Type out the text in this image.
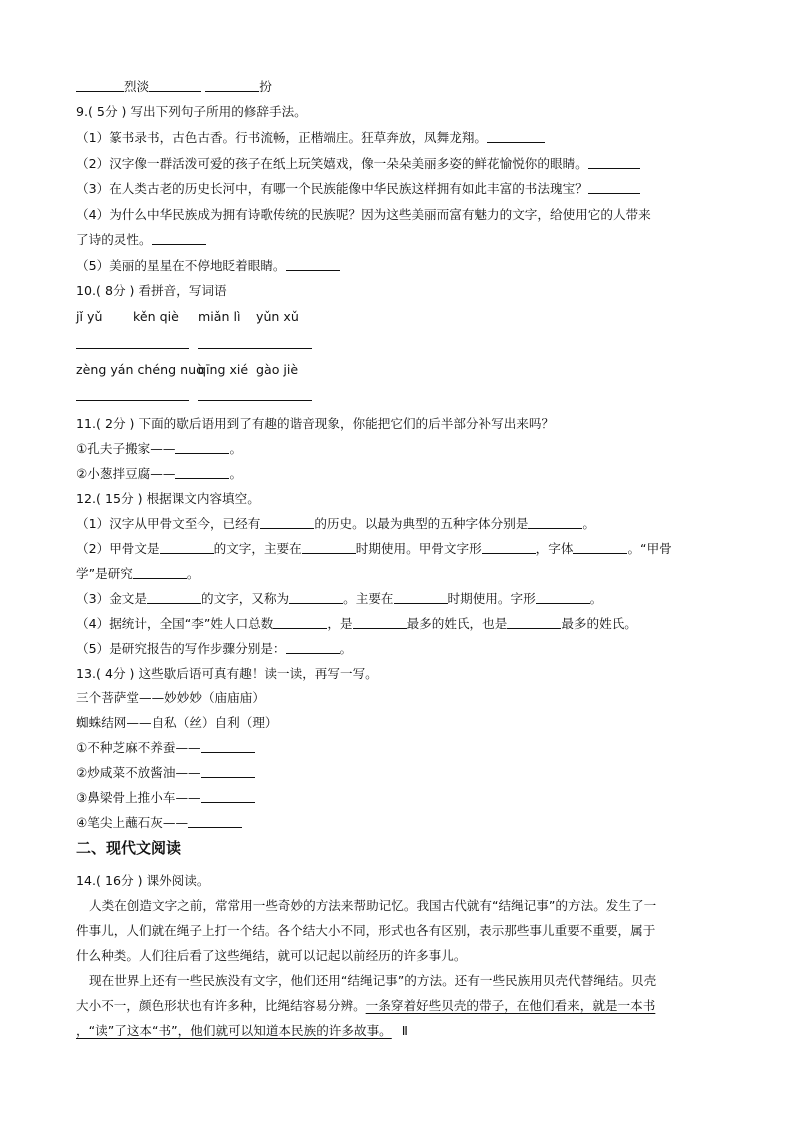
烈淡	扮
9.( 5分 ) 写出下列句子所用的修辞手法。
（1）篆书录书，古色古香。行书流畅，正楷端庄。狂草奔放，凤舞龙翔。
（2）汉字像一群活泼可爱的孩子在纸上玩笑嬉戏，像一朵朵美丽多姿的鲜花愉悦你的眼睛。
（3）在人类古老的历史长河中，有哪一个民族能像中华民族这样拥有如此丰富的书法瑰宝？
（4）为什么中华民族成为拥有诗歌传统的民族呢？因为这些美丽而富有魅力的文字，给使用它的人带来
了诗的灵性。
（5）美丽的星星在不停地眨着眼睛。
10.( 8分 ) 看拼音，写词语
jǐ yǔ kěn qiè miǎn lì yǔn xǔ
zèng yán chéng nuò
qīng xié gào jiè
11.( 2分 ) 下面的歇后语用到了有趣的谐音现象，你能把它们的后半部分补写出来吗？
①孔夫子搬家——	。
②小葱拌豆腐——	。
12.( 15分 ) 根据课文内容填空。
（1）汉字从甲骨文至今，已经有	的历史。以最为典型的五种字体分别是	。
（2）甲骨文是	的文字，主要在	时期使用。甲骨文字形	，字体	。“甲骨
学”是研究	。
（3）金文是	的文字，又称为	。主要在	时期使用。字形	。
（4）据统计，全国“李”姓人口总数	，是	最多的姓氏，也是	最多的姓氏。
（5）是研究报告的写作步骤分别是：	。
13.( 4分 ) 这些歇后语可真有趣！读一读，再写一写。
三个菩萨堂——妙妙妙（庙庙庙）
蜘蛛结网——自私（丝）自利（理）
①不种芝麻不养蚕——
②炒咸菜不放酱油——
③鼻梁骨上推小车——
④笔尖上蘸石灰——
二、现代文阅读
14.( 16分 ) 课外阅读。
人类在创造文字之前，常常用一些奇妙的方法来帮助记忆。我国古代就有“结绳记事”的方法。发生了一
件事儿，人们就在绳子上打一个结。各个结大小不同，形式也各有区别，表示那些事儿重要不重要，属于
什么种类。人们往后看了这些绳结，就可以记起以前经历的许多事儿。
现在世界上还有一些民族没有文字，他们还用“结绳记事”的方法。还有一些民族用贝壳代替绳结。贝壳
大小不一，颜色形状也有许多种，比绳结容易分辨。一条穿着好些贝壳的带子，在他们看来，就是一本书
，“读”了这本“书”，他们就可以知道本民族的许多故事。 Ⅱ
